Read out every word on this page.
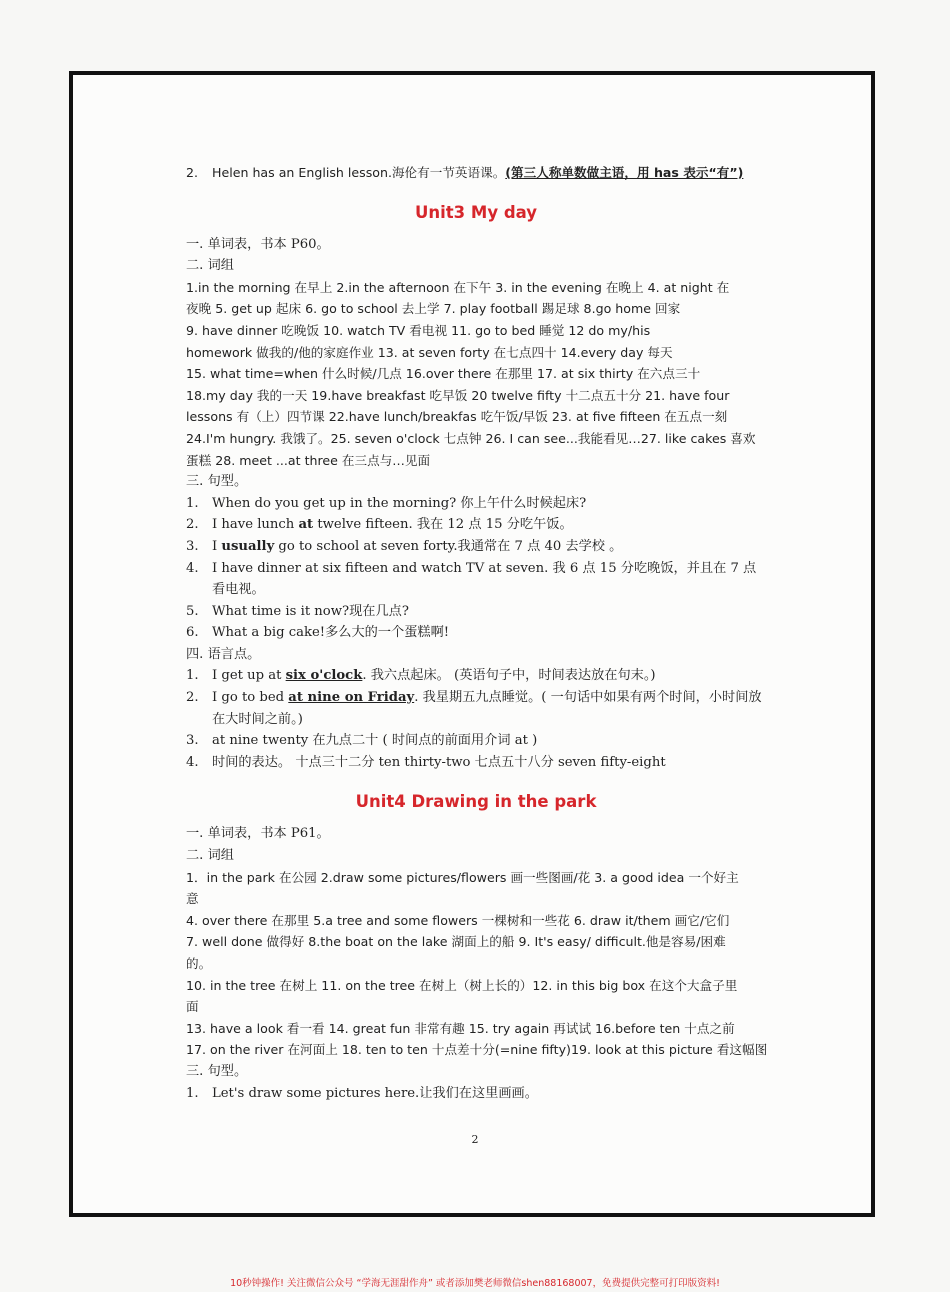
2. Helen has an English lesson.海伦有一节英语课。(第三人称单数做主语，用 has 表示“有”)
Unit3 My day
一. 单词表，书本 P60。
二. 词组
1.in the morning 在早上 2.in the afternoon 在下午 3. in the evening 在晚上 4. at night 在
夜晚 5. get up 起床 6. go to school 去上学 7. play football 踢足球 8.go home 回家
9. have dinner 吃晚饭 10. watch TV 看电视 11. go to bed 睡觉 12 do my/his
homework 做我的/他的家庭作业 13. at seven forty 在七点四十 14.every day 每天
15. what time=when 什么时候/几点 16.over there 在那里 17. at six thirty 在六点三十
18.my day 我的一天 19.have breakfast 吃早饭 20 twelve fifty 十二点五十分 21. have four
lessons 有（上）四节课 22.have lunch/breakfas 吃午饭/早饭 23. at five fifteen 在五点一刻
24.I'm hungry. 我饿了。25. seven o'clock 七点钟 26. I can see...我能看见…27. like cakes 喜欢
蛋糕 28. meet ...at three 在三点与…见面
三. 句型。
1.	When do you get up in the morning? 你上午什么时候起床?
2.	I have lunch at twelve fifteen. 我在 12 点 15 分吃午饭。
3.	I usually go to school at seven forty.我通常在 7 点 40 去学校 。
4.	I have dinner at six fifteen and watch TV at seven. 我 6 点 15 分吃晚饭，并且在 7 点看电视。
5.	What time is it now?现在几点?
6.	What a big cake!多么大的一个蛋糕啊!
四. 语言点。
1.	I get up at six o'clock. 我六点起床。 (英语句子中，时间表达放在句末。)
2.	I go to bed at nine on Friday. 我星期五九点睡觉。( 一句话中如果有两个时间，小时间放在大时间之前。)
3.	at nine twenty 在九点二十 ( 时间点的前面用介词 at )
4.	时间的表达。 十点三十二分 ten thirty-two 七点五十八分 seven fifty-eight
Unit4 Drawing in the park
一. 单词表，书本 P61。
二. 词组
1．in the park 在公园 2.draw some pictures/flowers 画一些图画/花 3. a good idea 一个好主
意
4. over there 在那里 5.a tree and some flowers 一棵树和一些花 6. draw it/them 画它/它们
7. well done 做得好 8.the boat on the lake 湖面上的船 9. It's easy/ difficult.他是容易/困难
的。
10. in the tree 在树上 11. on the tree 在树上（树上长的）12. in this big box 在这个大盒子里
面
13. have a look 看一看 14. great fun 非常有趣 15. try again 再试试 16.before ten 十点之前
17. on the river 在河面上 18. ten to ten 十点差十分(=nine fifty)19. look at this picture 看这幅图
三. 句型。
1.	Let's draw some pictures here.让我们在这里画画。
2
10秒钟操作! 关注微信公众号 “学海无涯甜作舟” 或者添加樊老师微信shen88168007，免费提供完整可打印版资料!
